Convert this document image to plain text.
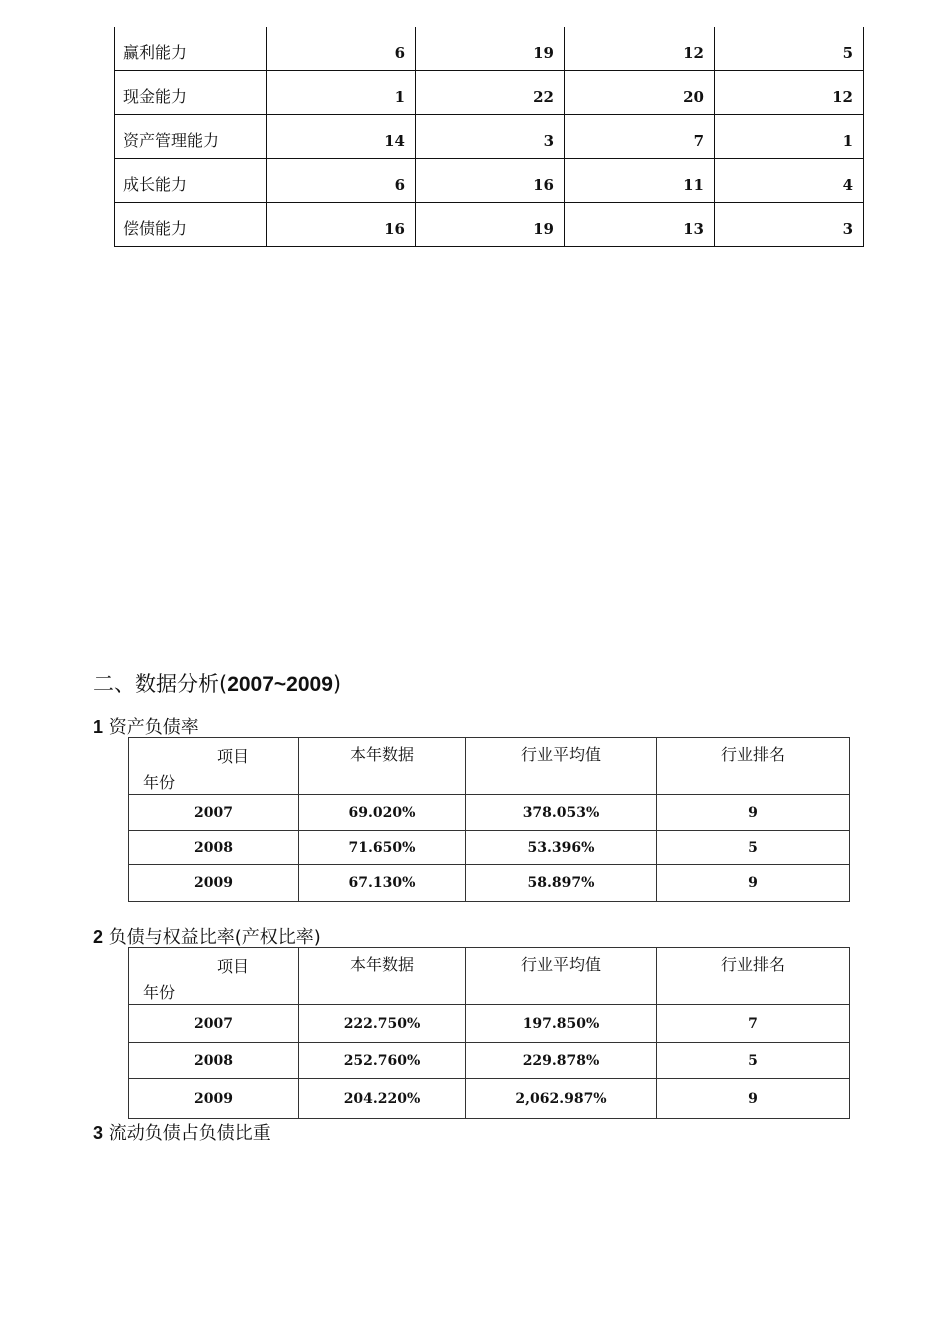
赢利能力	6	19	12	5
现金能力	1	22	20	12
资产管理能力	14	3	7	1
成长能力	6	16	11	4
偿债能力	16	19	13	3
二、数据分析(2007~2009)
1 资产负债率
项目
年份	本年数据	行业平均值	行业排名
2007	69.020%	378.053%	9
2008	71.650%	53.396%	5
2009	67.130%	58.897%	9
2 负债与权益比率(产权比率)
项目
年份	本年数据	行业平均值	行业排名
2007	222.750%	197.850%	7
2008	252.760%	229.878%	5
2009	204.220%	2,062.987%	9
3 流动负债占负债比重
